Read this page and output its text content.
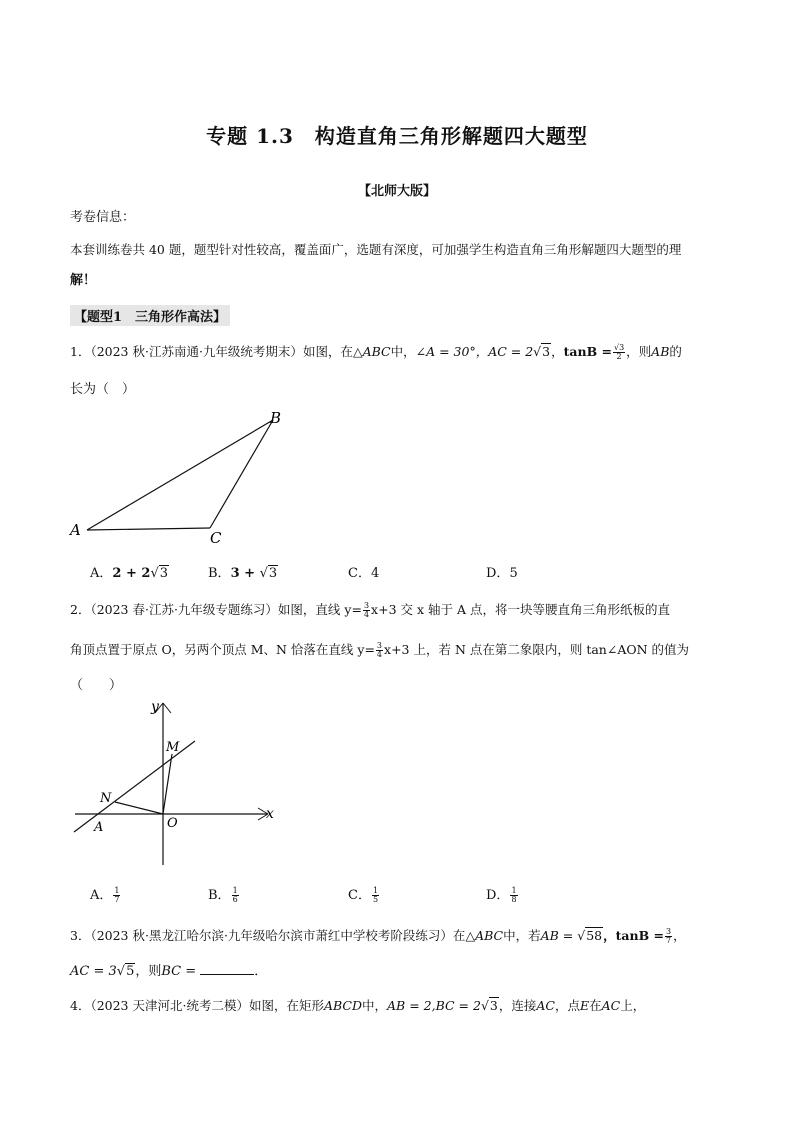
专题 1.3　构造直角三角形解题四大题型
【北师大版】
考卷信息：
本套训练卷共 40 题，题型针对性较高，覆盖面广，选题有深度，可加强学生构造直角三角形解题四大题型的理
解！
【题型1　三角形作高法】
1．（2023 秋·江苏南通·九年级统考期末）如图，在△ABC中，∠A = 30°，AC = 2√3，$\tan B = \frac{√3}{2}$ ，则AB的
长为（　）
A
B
C
A．2 + 2√3	B．3 + √3	C．4	D．5
2．（2023 春·江苏·九年级专题练习）如图，直线 $y= \frac{3}{4} x+3$ 交 x 轴于 A 点，将一块等腰直角三角形纸板的直
角顶点置于原点 O，另两个顶点 M、N 恰落在直线 $y= \frac{3}{4} x+3$ 上，若 N 点在第二象限内，则 tan∠AON 的值为
（　　）
y
x
M
N
A	O
A． $\frac{1}{7}$	B． $\frac{1}{6}$	C． $\frac{1}{5}$	D． $\frac{1}{8}$
3．（2023 秋·黑龙江哈尔滨·九年级哈尔滨市萧红中学校考阶段练习）在△ABC中，若AB = √58，$\tan B = \frac{3}{7}$ ，
AC = 3√5，则BC =	．
4．（2023 天津河北·统考二模）如图，在矩形ABCD中，AB = 2,BC = 2√3，连接AC，点E在AC上，
